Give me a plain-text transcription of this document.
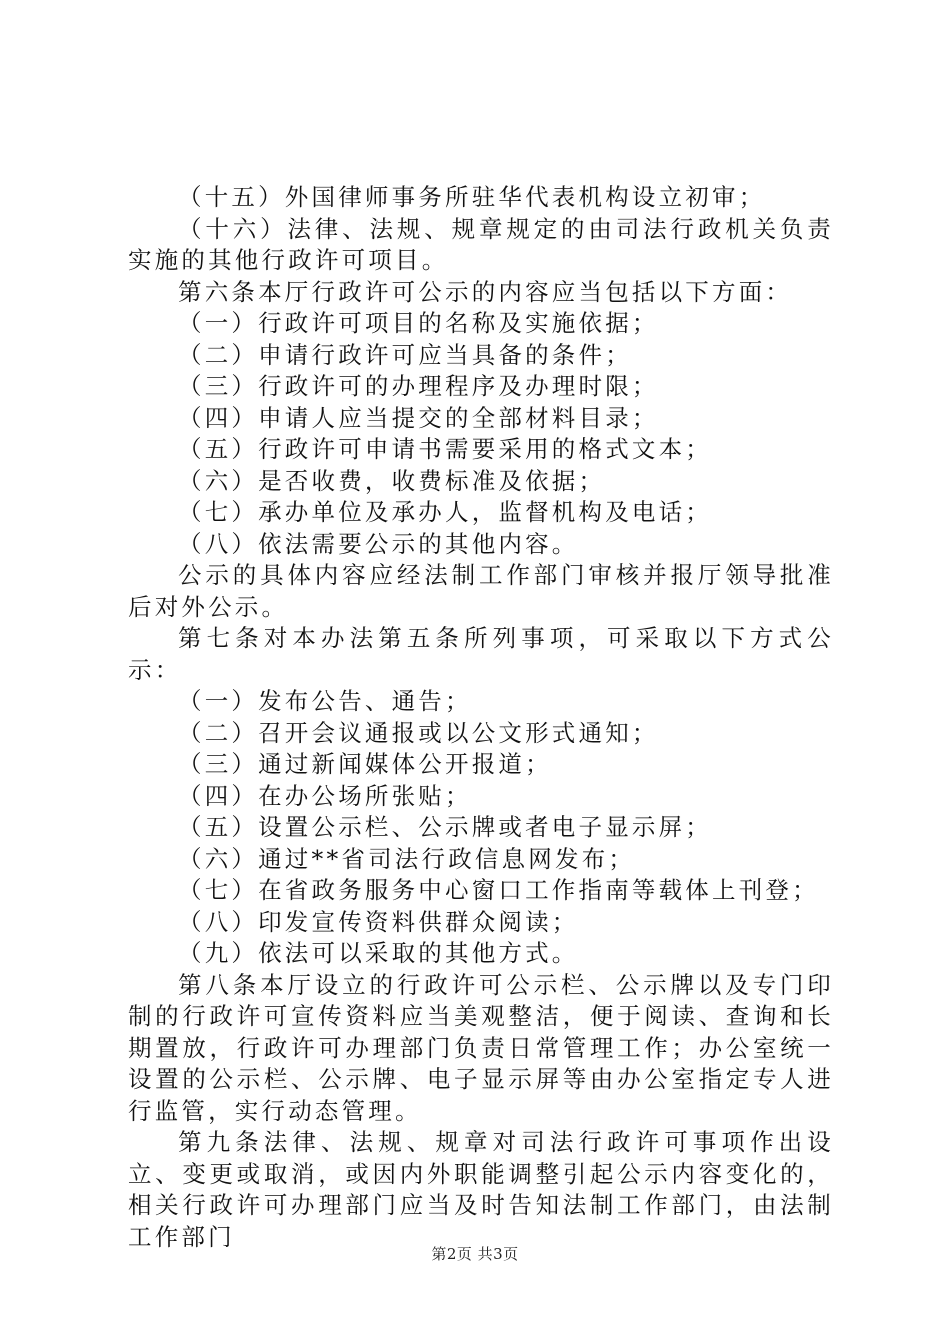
（十五）外国律师事务所驻华代表机构设立初审；

（十六）法律、法规、规章规定的由司法行政机关负责实施的其他行政许可项目。

第六条本厅行政许可公示的内容应当包括以下方面：

（一）行政许可项目的名称及实施依据；

（二）申请行政许可应当具备的条件；

（三）行政许可的办理程序及办理时限；

（四）申请人应当提交的全部材料目录；

（五）行政许可申请书需要采用的格式文本；

（六）是否收费，收费标准及依据；

（七）承办单位及承办人，监督机构及电话；

（八）依法需要公示的其他内容。

公示的具体内容应经法制工作部门审核并报厅领导批准后对外公示。

第七条对本办法第五条所列事项，可采取以下方式公示：

（一）发布公告、通告；

（二）召开会议通报或以公文形式通知；

（三）通过新闻媒体公开报道；

（四）在办公场所张贴；

（五）设置公示栏、公示牌或者电子显示屏；

（六）通过**省司法行政信息网发布；

（七）在省政务服务中心窗口工作指南等载体上刊登；

（八）印发宣传资料供群众阅读；

（九）依法可以采取的其他方式。

第八条本厅设立的行政许可公示栏、公示牌以及专门印制的行政许可宣传资料应当美观整洁，便于阅读、查询和长期置放，行政许可办理部门负责日常管理工作；办公室统一设置的公示栏、公示牌、电子显示屏等由办公室指定专人进行监管，实行动态管理。

第九条法律、法规、规章对司法行政许可事项作出设立、变更或取消，或因内外职能调整引起公示内容变化的，相关行政许可办理部门应当及时告知法制工作部门，由法制工作部门

第2页 共3页
